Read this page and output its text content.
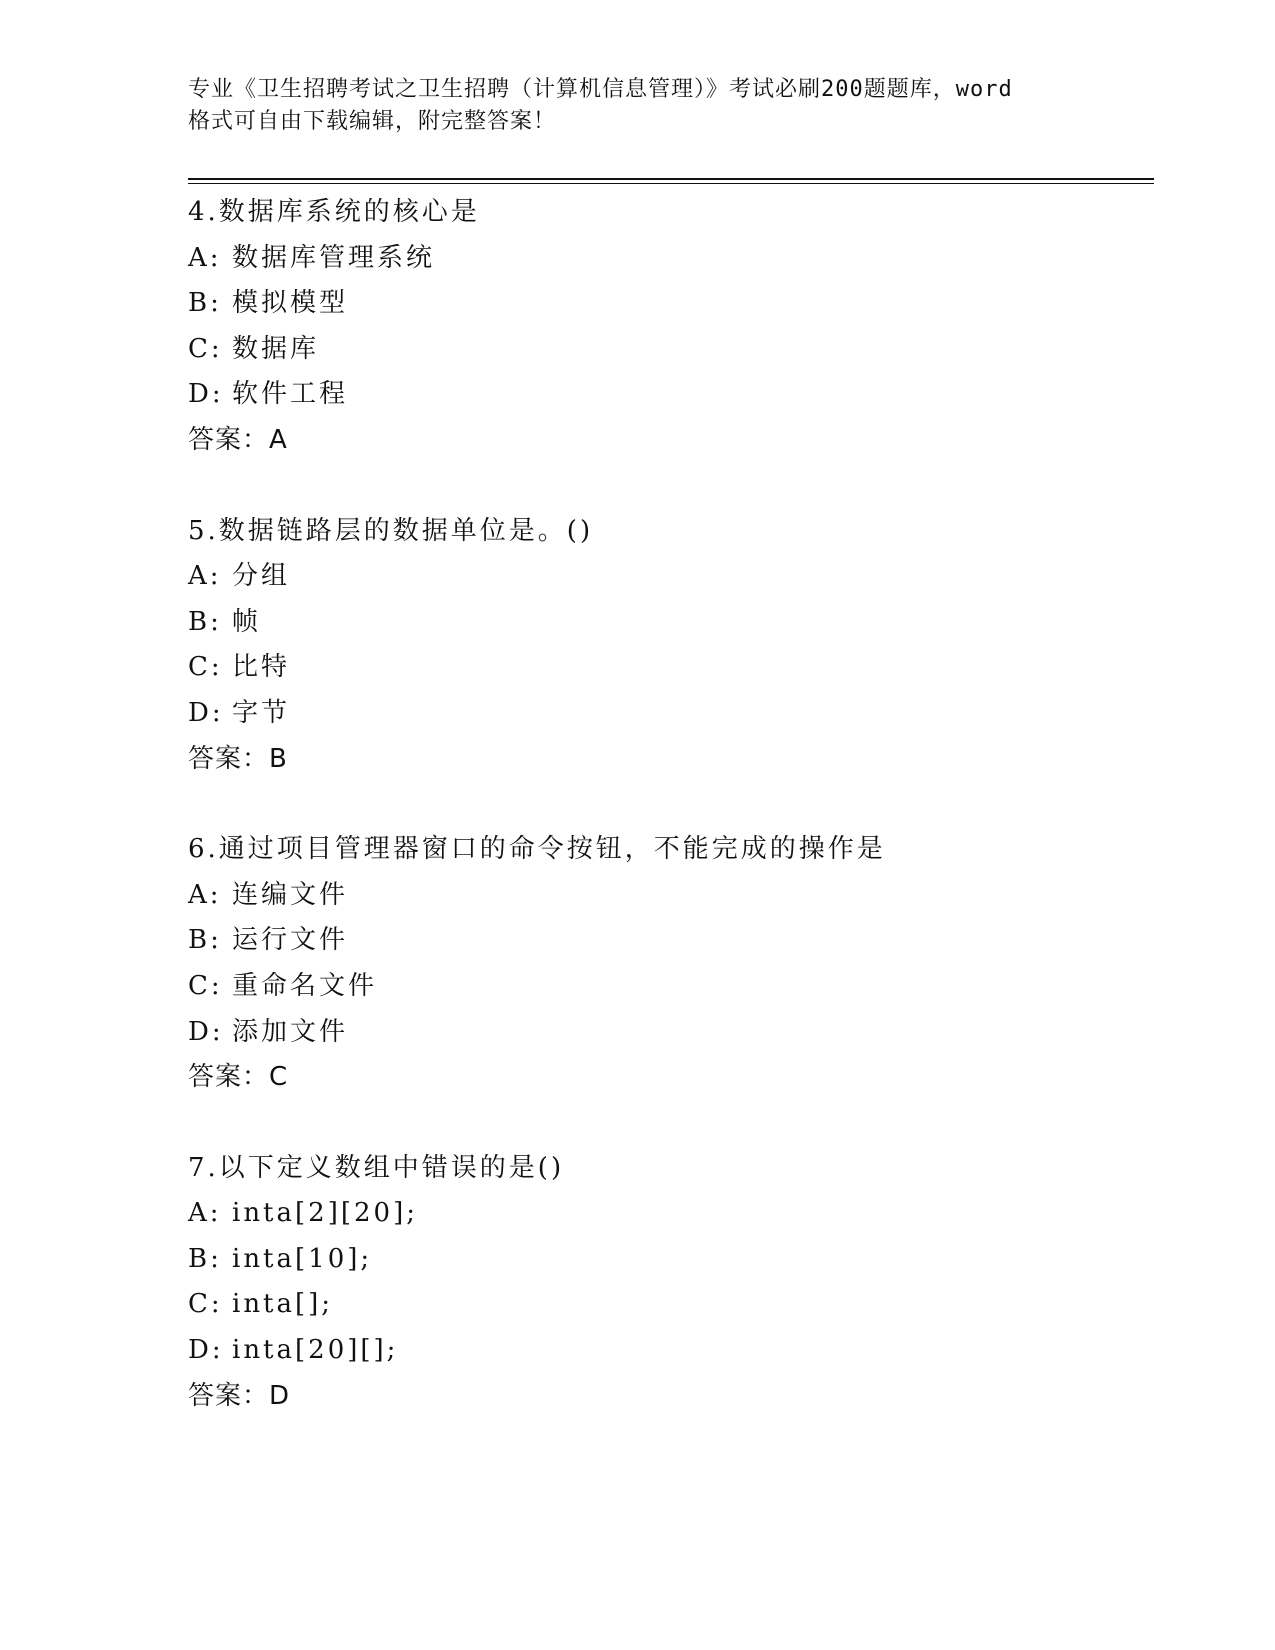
专业《卫生招聘考试之卫生招聘（计算机信息管理）》考试必刷200题题库，word
格式可自由下载编辑，附完整答案！
4.数据库系统的核心是
A: 数据库管理系统
B: 模拟模型
C: 数据库
D: 软件工程
答案：A
5.数据链路层的数据单位是。()
A: 分组
B: 帧
C: 比特
D: 字节
答案：B
6.通过项目管理器窗口的命令按钮，不能完成的操作是
A: 连编文件
B: 运行文件
C: 重命名文件
D: 添加文件
答案：C
7.以下定义数组中错误的是()
A: inta[2][20];
B: inta[10];
C: inta[];
D: inta[20][];
答案：D
